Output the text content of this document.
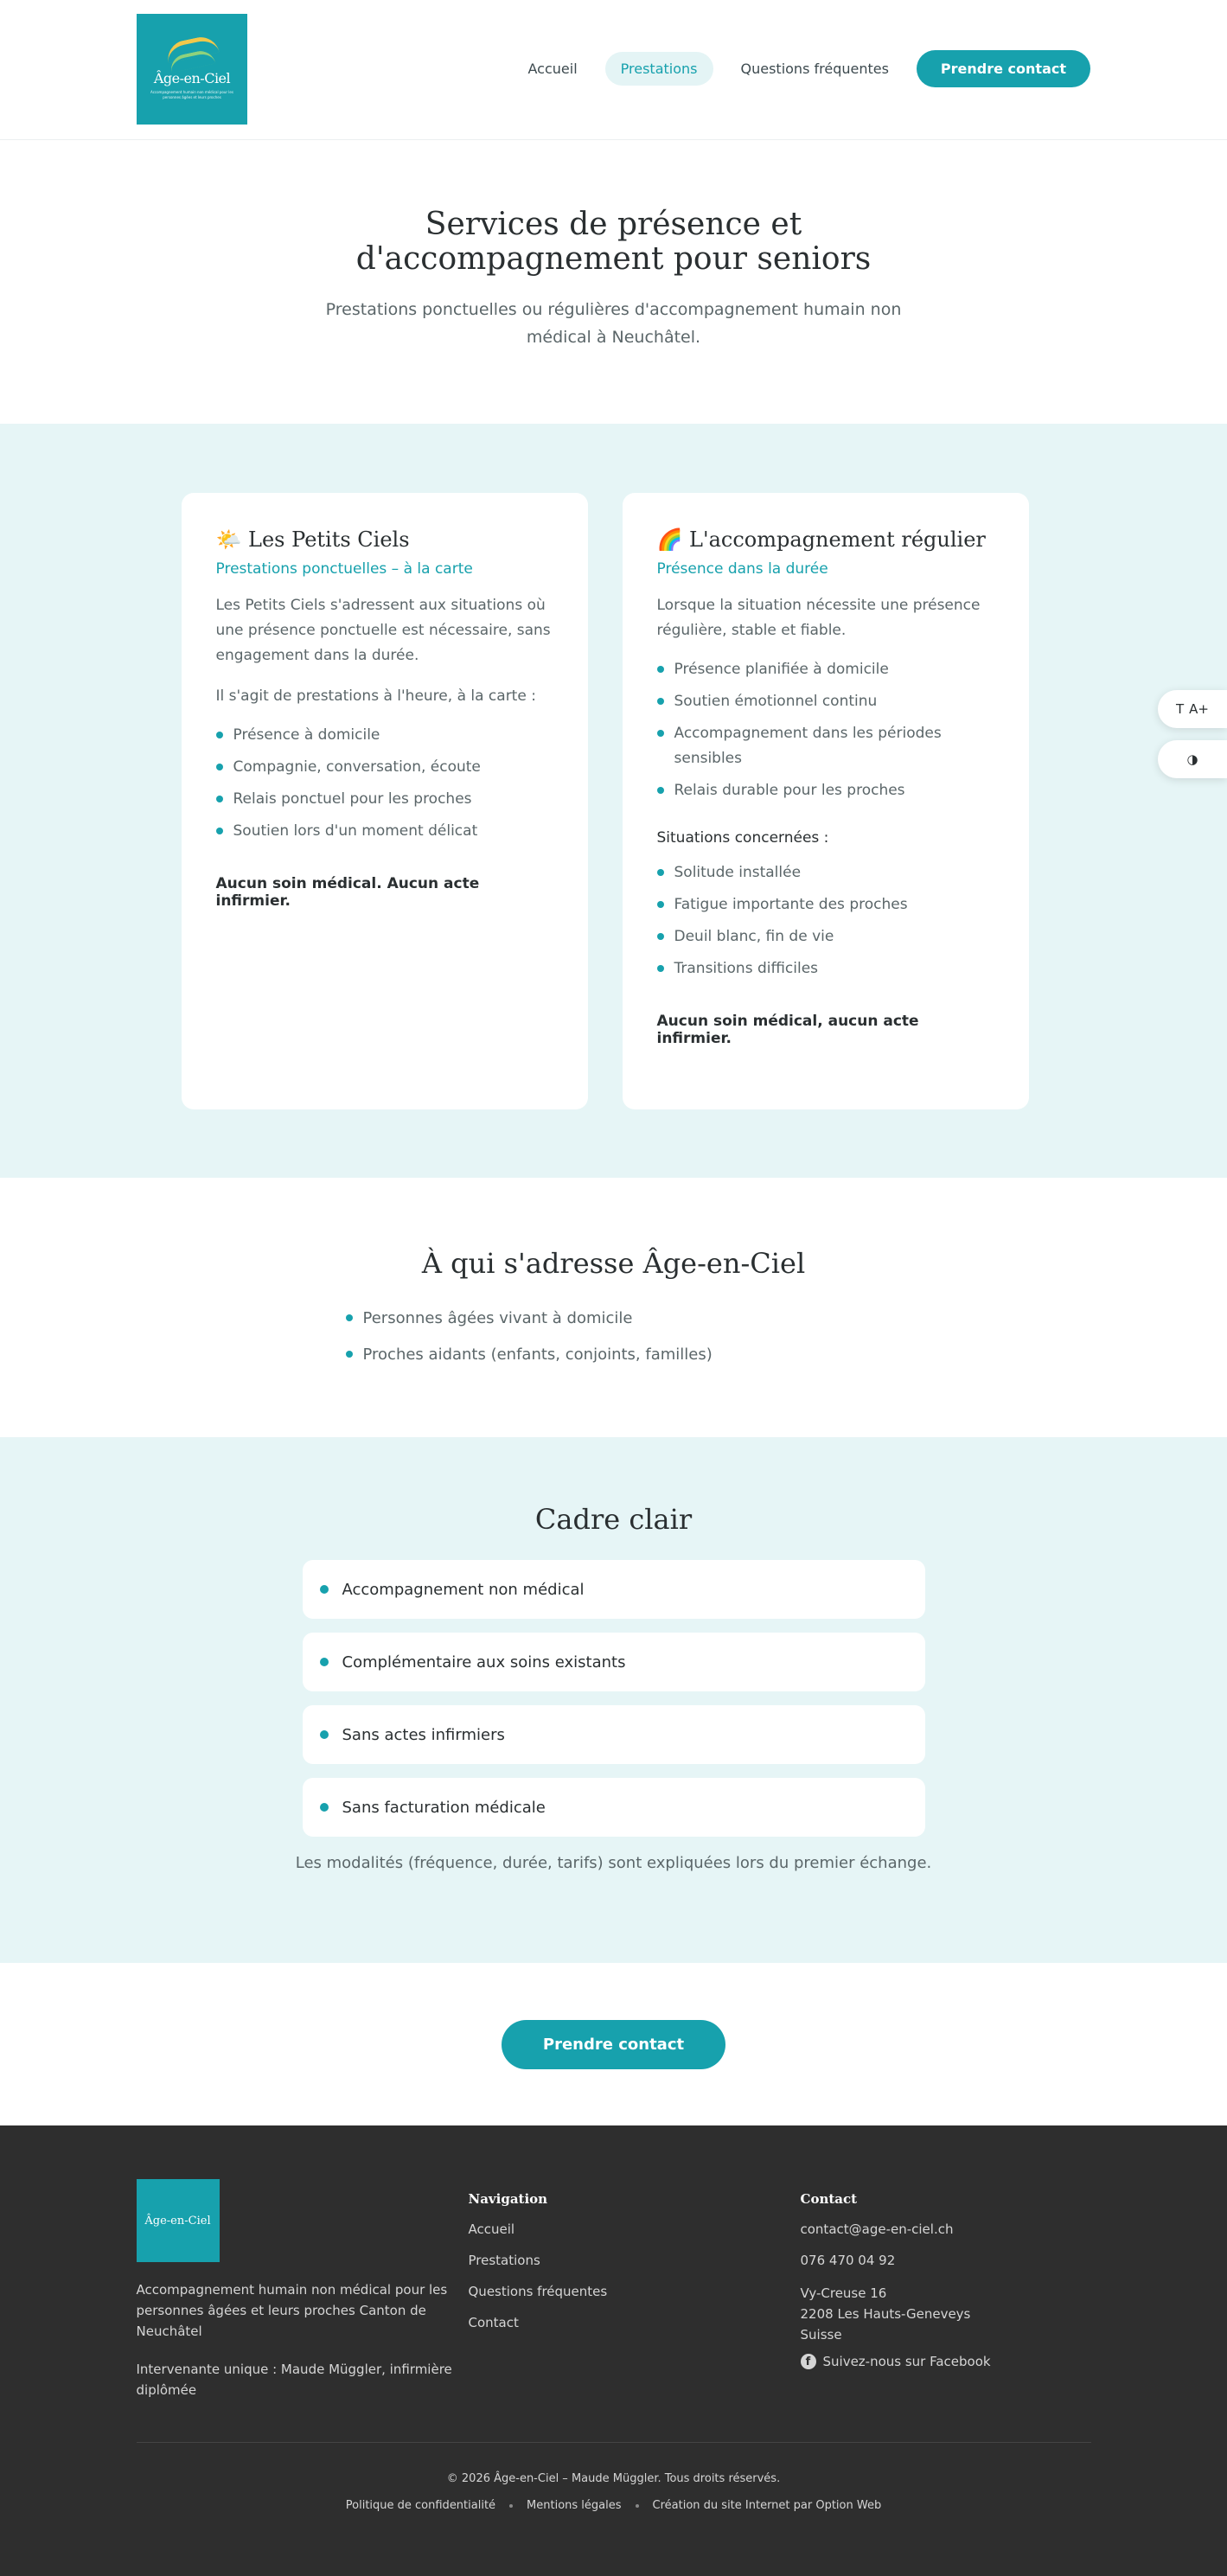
Âge-en-Ciel
Accompagnement humain non médical pour les personnes âgées et leurs proches
Accueil	Prestations	Questions fréquentes	Prendre contact
Services de présence et d'accompagnement pour seniors

Prestations ponctuelles ou régulières d'accompagnement humain non médical à Neuchâtel.

🌤️ Les Petits Ciels
Prestations ponctuelles – à la carte

Les Petits Ciels s'adressent aux situations où une présence ponctuelle est nécessaire, sans engagement dans la durée.

Il s'agit de prestations à l'heure, à la carte :

Présence à domicile
Compagnie, conversation, écoute
Relais ponctuel pour les proches
Soutien lors d'un moment délicat
Aucun soin médical. Aucun acte infirmier.
🌈 L'accompagnement régulier
Présence dans la durée

Lorsque la situation nécessite une présence régulière, stable et fiable.

Présence planifiée à domicile
Soutien émotionnel continu
Accompagnement dans les périodes sensibles
Relais durable pour les proches
Situations concernées :
Solitude installée
Fatigue importante des proches
Deuil blanc, fin de vie
Transitions difficiles
Aucun soin médical, aucun acte infirmier.
T A+
◑
À qui s'adresse Âge-en-Ciel
Personnes âgées vivant à domicile
Proches aidants (enfants, conjoints, familles)
Cadre clair
Accompagnement non médical
Complémentaire aux soins existants
Sans actes infirmiers
Sans facturation médicale
Les modalités (fréquence, durée, tarifs) sont expliquées lors du premier échange.
Prendre contact
Âge-en-Ciel
Accompagnement humain non médical pour les personnes âgées et leurs proches Canton de Neuchâtel
Intervenante unique : Maude Müggler, infirmière diplômée
Navigation
Accueil
Prestations
Questions fréquentes
Contact
Contact
contact@age-en-ciel.ch
076 470 04 92
Vy-Creuse 16
2208 Les Hauts-Geneveys
Suisse
f Suivez-nous sur Facebook
© 2026 Âge-en-Ciel – Maude Müggler. Tous droits réservés.
Politique de confidentialité	Mentions légales	Création du site Internet par Option Web
